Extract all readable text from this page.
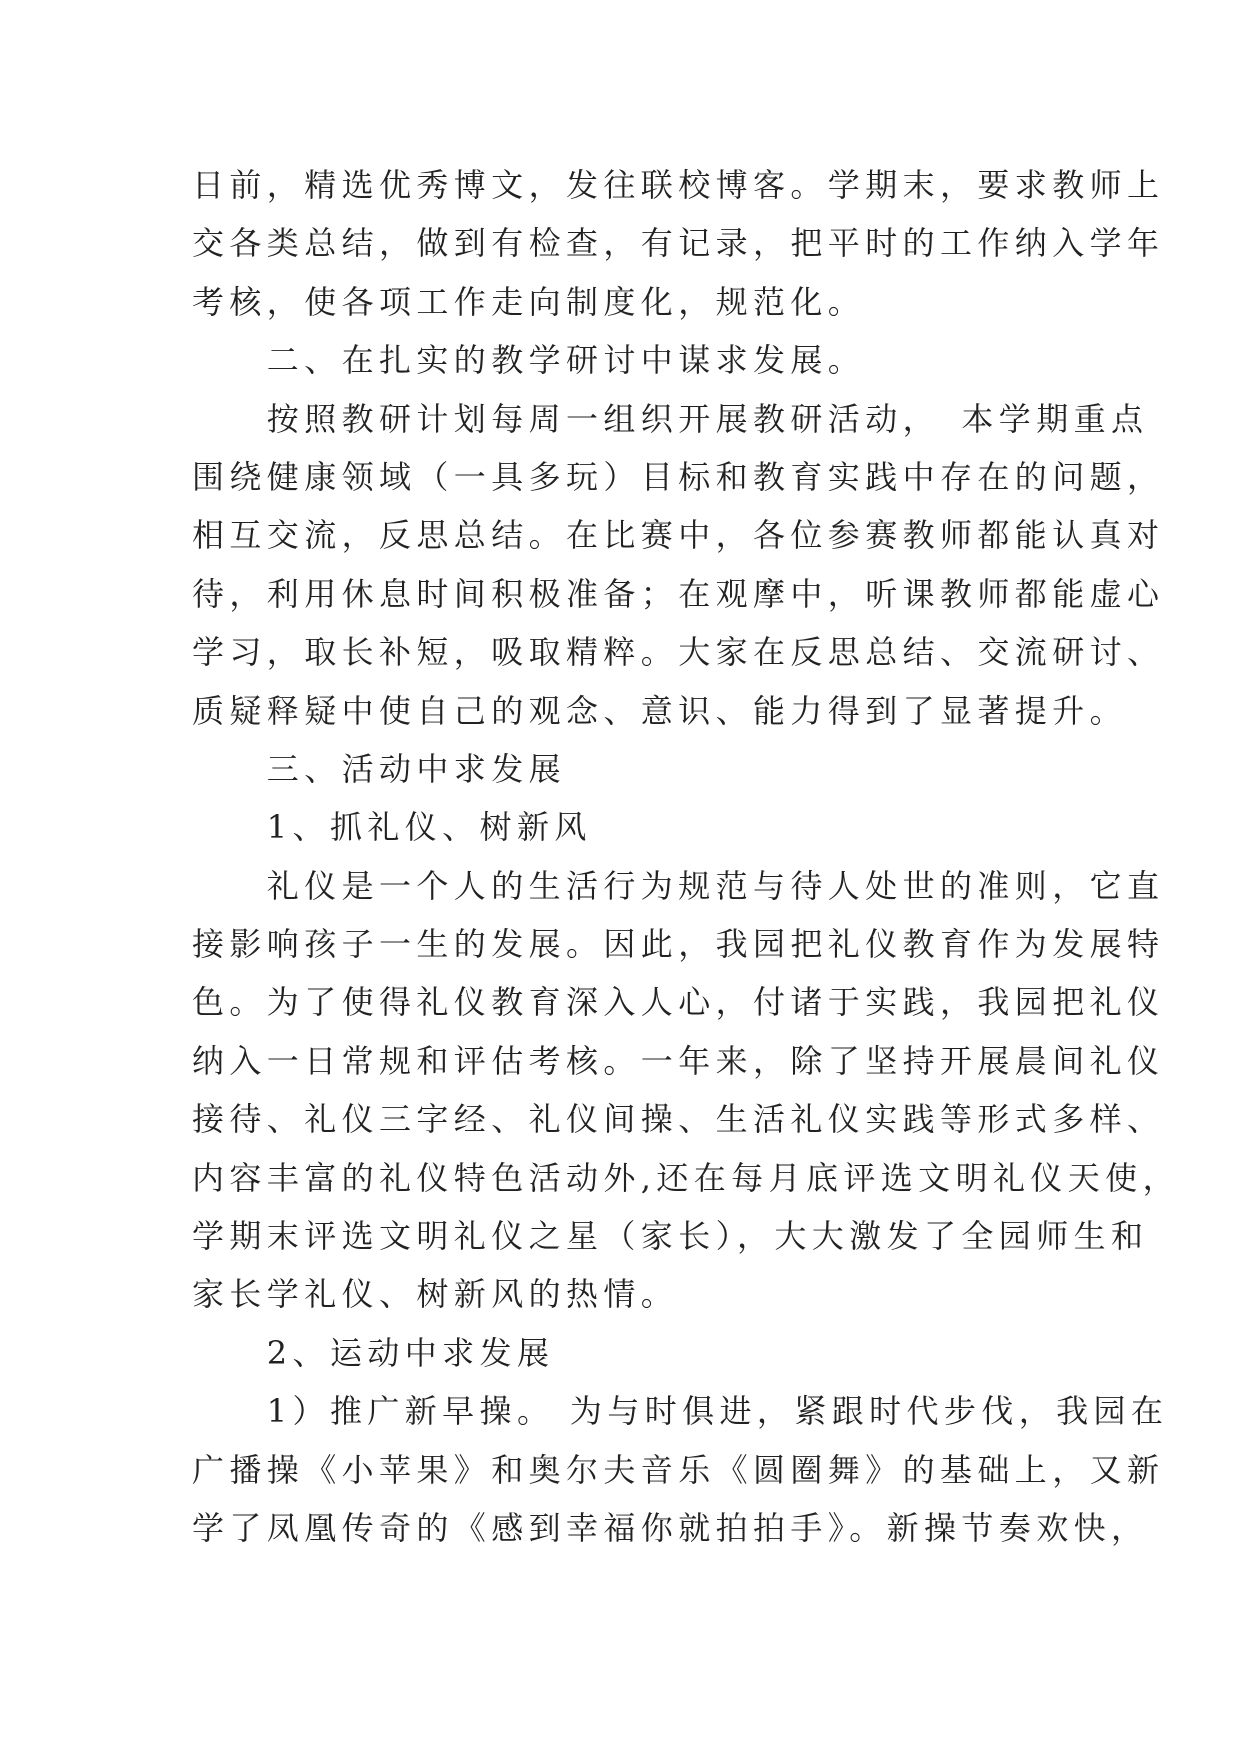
日前，精选优秀博文，发往联校博客。学期末，要求教师上
交各类总结，做到有检查，有记录，把平时的工作纳入学年
考核，使各项工作走向制度化，规范化。
　　二、在扎实的教学研讨中谋求发展。
　　按照教研计划每周一组织开展教研活动，　本学期重点
围绕健康领域（一具多玩）目标和教育实践中存在的问题，
相互交流，反思总结。在比赛中，各位参赛教师都能认真对
待，利用休息时间积极准备；在观摩中，听课教师都能虚心
学习，取长补短，吸取精粹。大家在反思总结、交流研讨、
质疑释疑中使自己的观念、意识、能力得到了显著提升。
　　三、活动中求发展
　　1、抓礼仪、树新风
　　礼仪是一个人的生活行为规范与待人处世的准则，它直
接影响孩子一生的发展。因此，我园把礼仪教育作为发展特
色。为了使得礼仪教育深入人心，付诸于实践，我园把礼仪
纳入一日常规和评估考核。一年来，除了坚持开展晨间礼仪
接待、礼仪三字经、礼仪间操、生活礼仪实践等形式多样、
内容丰富的礼仪特色活动外,还在每月底评选文明礼仪天使，
学期末评选文明礼仪之星（家长），大大激发了全园师生和
家长学礼仪、树新风的热情。
　　2、运动中求发展
　　1）推广新早操。 为与时俱进，紧跟时代步伐，我园在
广播操《小苹果》和奥尔夫音乐《圆圈舞》的基础上，又新
学了凤凰传奇的《感到幸福你就拍拍手》。新操节奏欢快，
